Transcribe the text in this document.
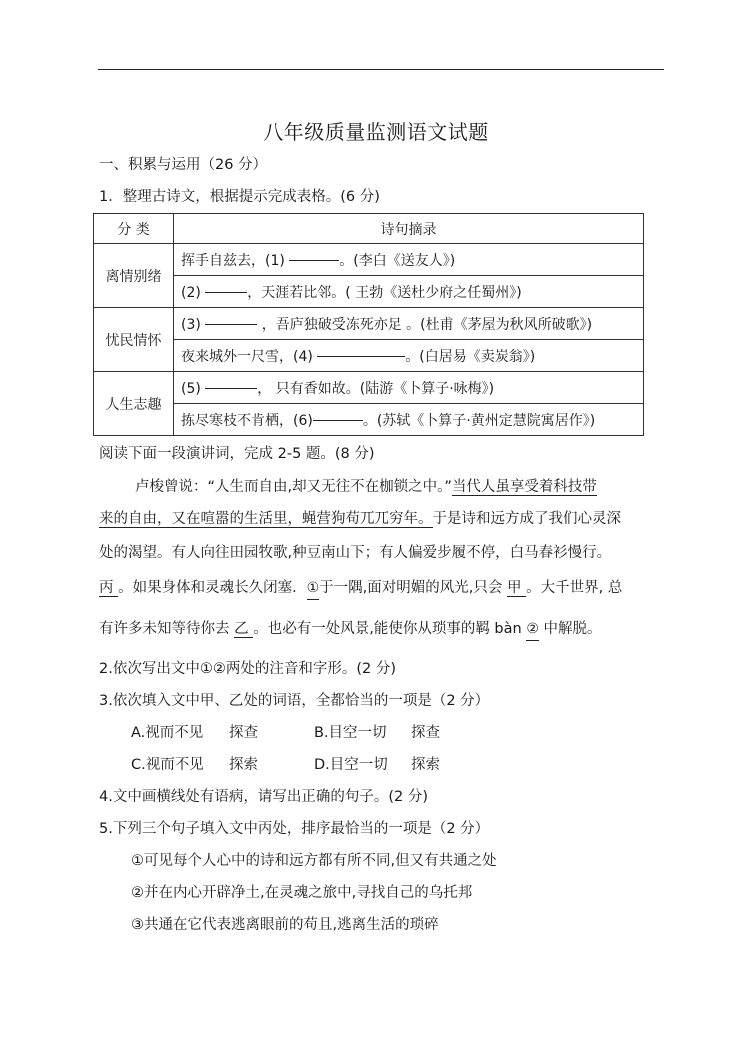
八年级质量监测语文试题
一、积累与运用（26 分）
1．整理古诗文，根据提示完成表格。(6 分)
分 类	诗句摘录
离情别绪	挥手自兹去，(1) 。(李白《送友人》)
	(2) ，天涯若比邻。( 王勃《送杜少府之任蜀州》)
忧民情怀	(3) ，吾庐独破受冻死亦足 。(杜甫《茅屋为秋风所破歌》)
	夜来城外一尺雪，(4) 。(白居易《卖炭翁》)
人生志趣	(5) ， 只有香如故。(陆游《卜算子·咏梅》)
	拣尽寒枝不肯栖，(6) 。(苏轼《卜算子·黄州定慧院寓居作》)
阅读下面一段演讲词，完成 2-5 题。(8 分)
卢梭曾说：“人生而自由,却又无往不在枷锁之中。”当代人虽享受着科技带
来的自由，又在喧嚣的生活里，蝇营狗苟兀兀穷年。于是诗和远方成了我们心灵深
处的渴望。有人向往田园牧歌,种豆南山下；有人偏爱步履不停，白马春衫慢行。
丙 。如果身体和灵魂长久闭塞．①于一隅,面对明媚的风光,只会 甲 。大千世界, 总
有许多未知等待你去 乙 。也必有一处风景,能使你从琐事的羁 bàn ② 中解脱。
2.依次写出文中①②两处的注音和字形。(2 分)
3.依次填入文中甲、乙处的词语，全都恰当的一项是（2 分）
A.视而不见 探查	B.目空一切 探查
C.视而不见 探索	D.目空一切 探索
4.文中画横线处有语病，请写出正确的句子。(2 分)
5.下列三个句子填入文中丙处，排序最恰当的一项是（2 分）
①可见每个人心中的诗和远方都有所不同,但又有共通之处
②并在内心开辟净土,在灵魂之旅中,寻找自己的乌托邦
③共通在它代表逃离眼前的苟且,逃离生活的琐碎
